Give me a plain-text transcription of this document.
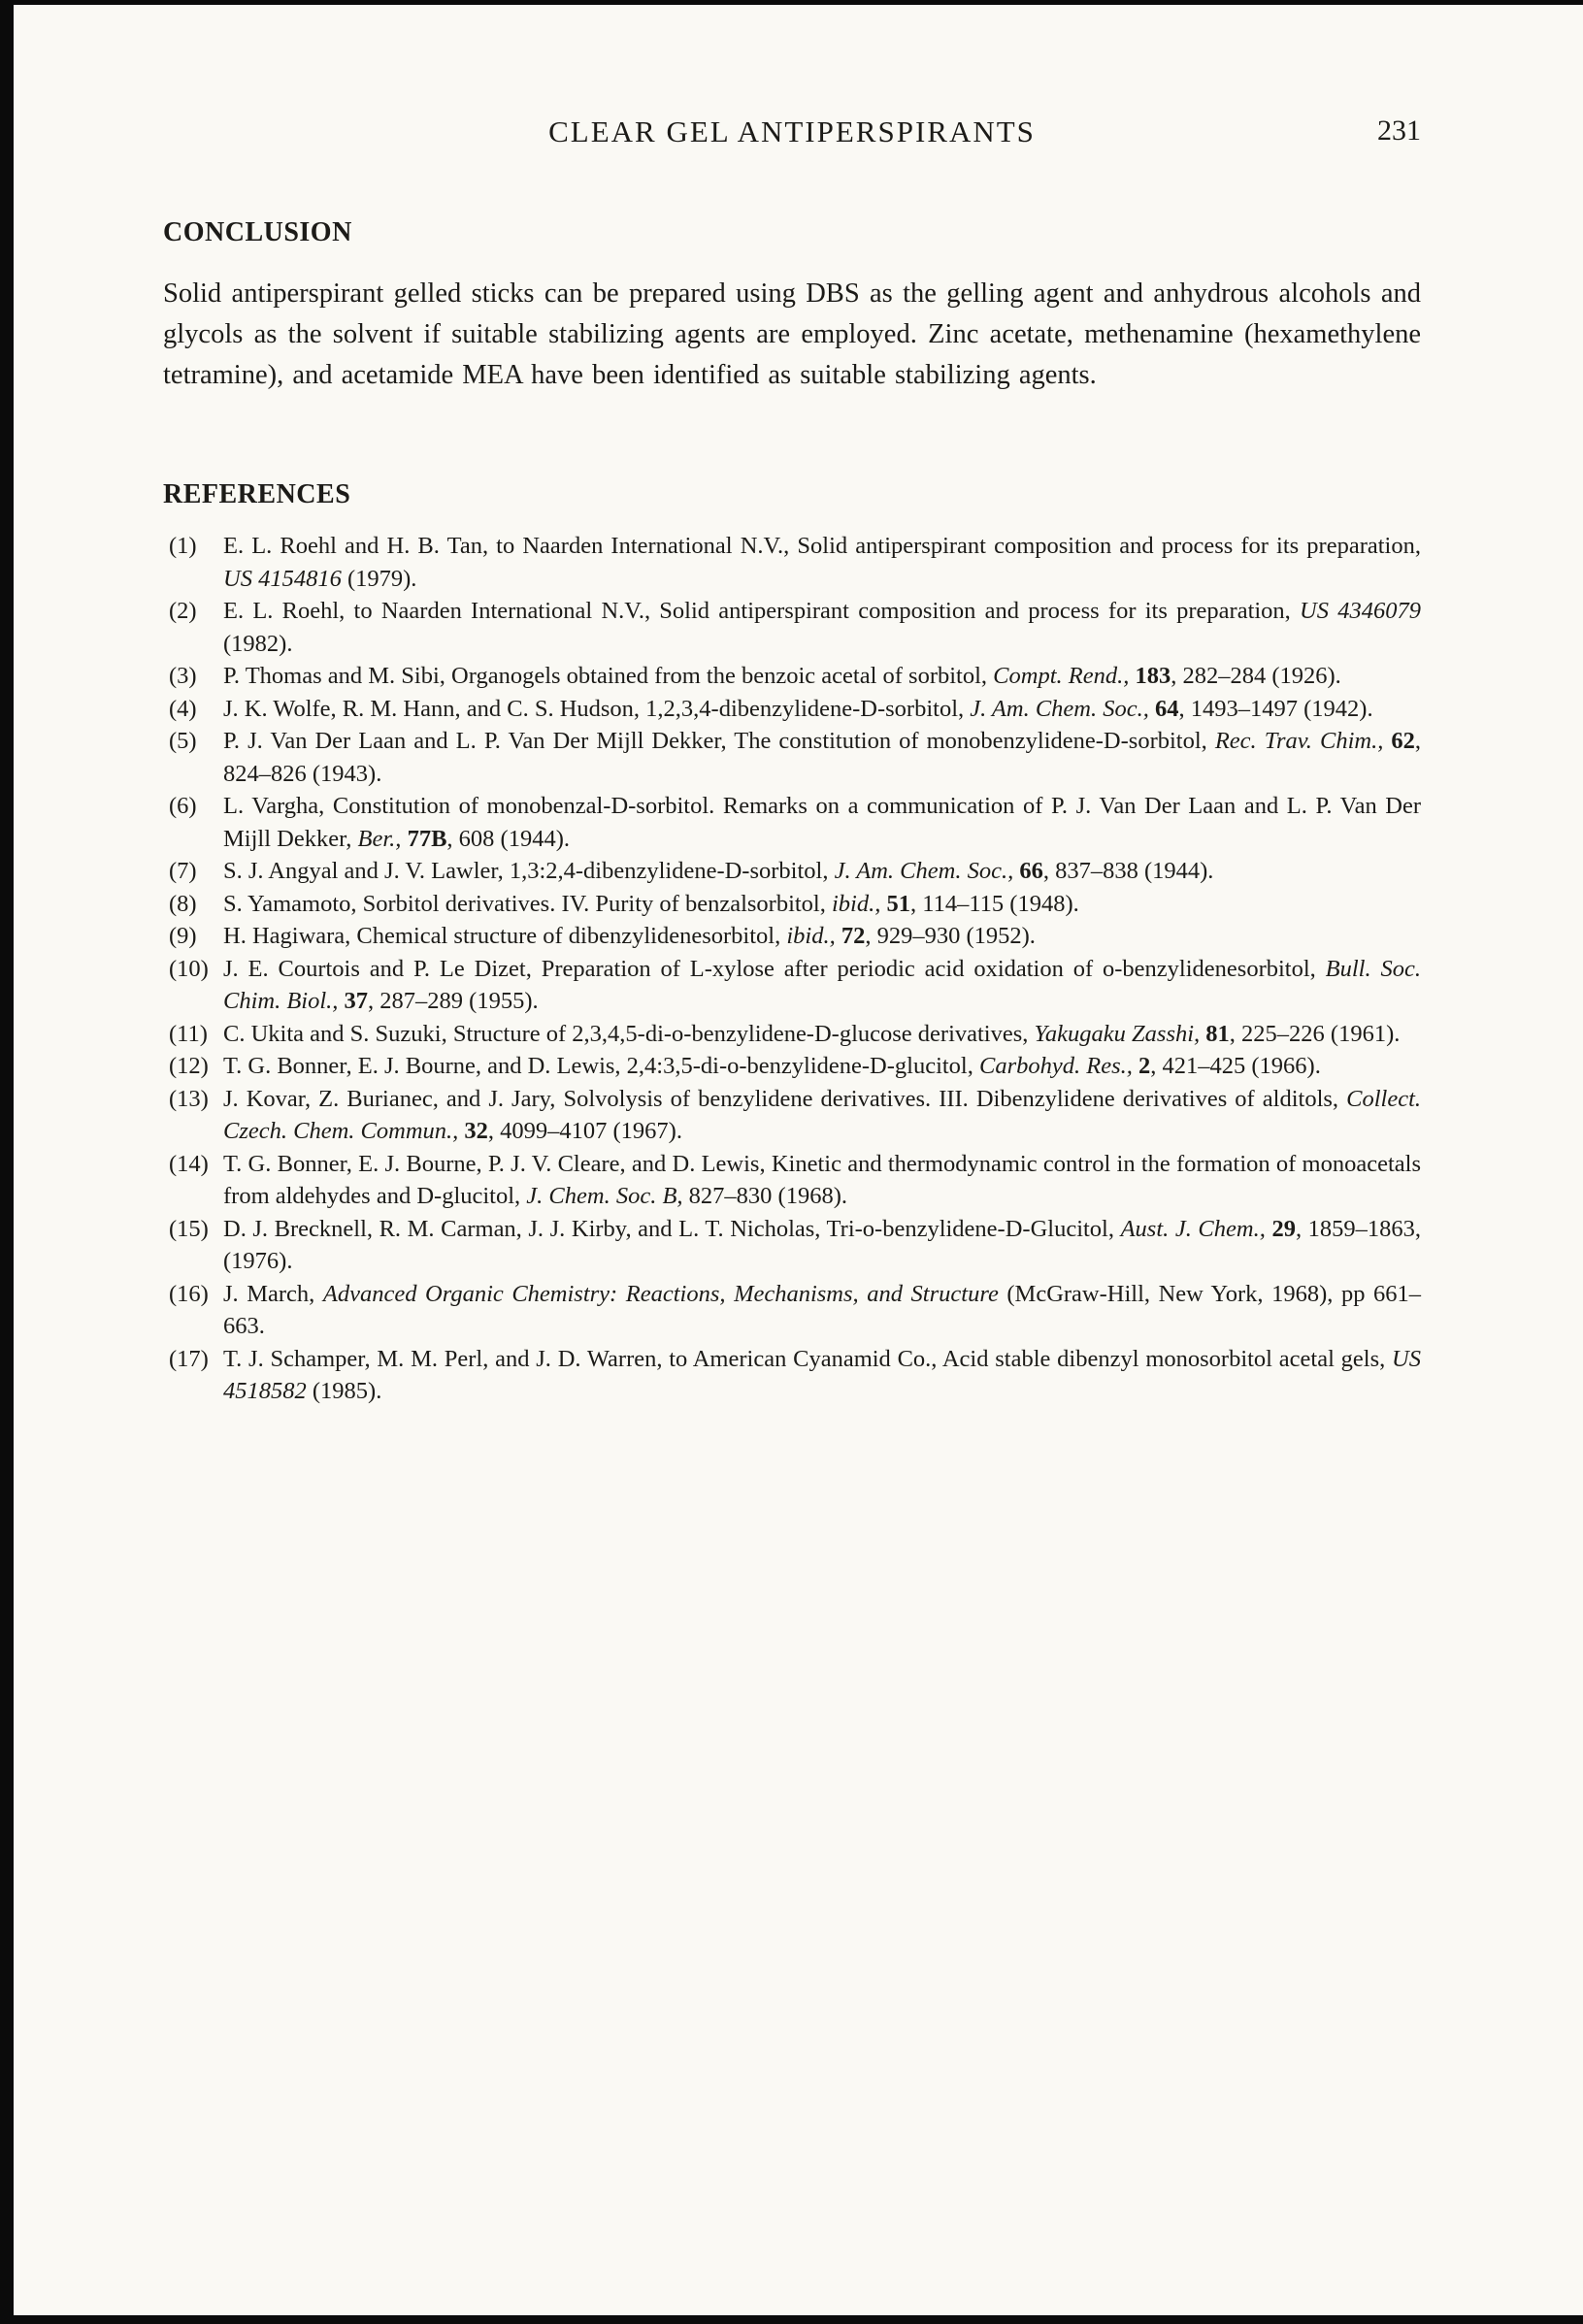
CLEAR GEL ANTIPERSPIRANTS	231
CONCLUSION

Solid antiperspirant gelled sticks can be prepared using DBS as the gelling agent and anhydrous alcohols and glycols as the solvent if suitable stabilizing agents are employed. Zinc acetate, methenamine (hexamethylene tetramine), and acetamide MEA have been identified as suitable stabilizing agents.

REFERENCES
(1) E. L. Roehl and H. B. Tan, to Naarden International N.V., Solid antiperspirant composition and process for its preparation, US 4154816 (1979).
(2) E. L. Roehl, to Naarden International N.V., Solid antiperspirant composition and process for its preparation, US 4346079 (1982).
(3) P. Thomas and M. Sibi, Organogels obtained from the benzoic acetal of sorbitol, Compt. Rend., 183, 282–284 (1926).
(4) J. K. Wolfe, R. M. Hann, and C. S. Hudson, 1,2,3,4-dibenzylidene-D-sorbitol, J. Am. Chem. Soc., 64, 1493–1497 (1942).
(5) P. J. Van Der Laan and L. P. Van Der Mijll Dekker, The constitution of monobenzylidene-D-sorbitol, Rec. Trav. Chim., 62, 824–826 (1943).
(6) L. Vargha, Constitution of monobenzal-D-sorbitol. Remarks on a communication of P. J. Van Der Laan and L. P. Van Der Mijll Dekker, Ber., 77B, 608 (1944).
(7) S. J. Angyal and J. V. Lawler, 1,3:2,4-dibenzylidene-D-sorbitol, J. Am. Chem. Soc., 66, 837–838 (1944).
(8) S. Yamamoto, Sorbitol derivatives. IV. Purity of benzalsorbitol, ibid., 51, 114–115 (1948).
(9) H. Hagiwara, Chemical structure of dibenzylidenesorbitol, ibid., 72, 929–930 (1952).
(10) J. E. Courtois and P. Le Dizet, Preparation of L-xylose after periodic acid oxidation of o-benzylidenesorbitol, Bull. Soc. Chim. Biol., 37, 287–289 (1955).
(11) C. Ukita and S. Suzuki, Structure of 2,3,4,5-di-o-benzylidene-D-glucose derivatives, Yakugaku Zasshi, 81, 225–226 (1961).
(12) T. G. Bonner, E. J. Bourne, and D. Lewis, 2,4:3,5-di-o-benzylidene-D-glucitol, Carbohyd. Res., 2, 421–425 (1966).
(13) J. Kovar, Z. Burianec, and J. Jary, Solvolysis of benzylidene derivatives. III. Dibenzylidene derivatives of alditols, Collect. Czech. Chem. Commun., 32, 4099–4107 (1967).
(14) T. G. Bonner, E. J. Bourne, P. J. V. Cleare, and D. Lewis, Kinetic and thermodynamic control in the formation of monoacetals from aldehydes and D-glucitol, J. Chem. Soc. B, 827–830 (1968).
(15) D. J. Brecknell, R. M. Carman, J. J. Kirby, and L. T. Nicholas, Tri-o-benzylidene-D-Glucitol, Aust. J. Chem., 29, 1859–1863, (1976).
(16) J. March, Advanced Organic Chemistry: Reactions, Mechanisms, and Structure (McGraw-Hill, New York, 1968), pp 661–663.
(17) T. J. Schamper, M. M. Perl, and J. D. Warren, to American Cyanamid Co., Acid stable dibenzyl monosorbitol acetal gels, US 4518582 (1985).
